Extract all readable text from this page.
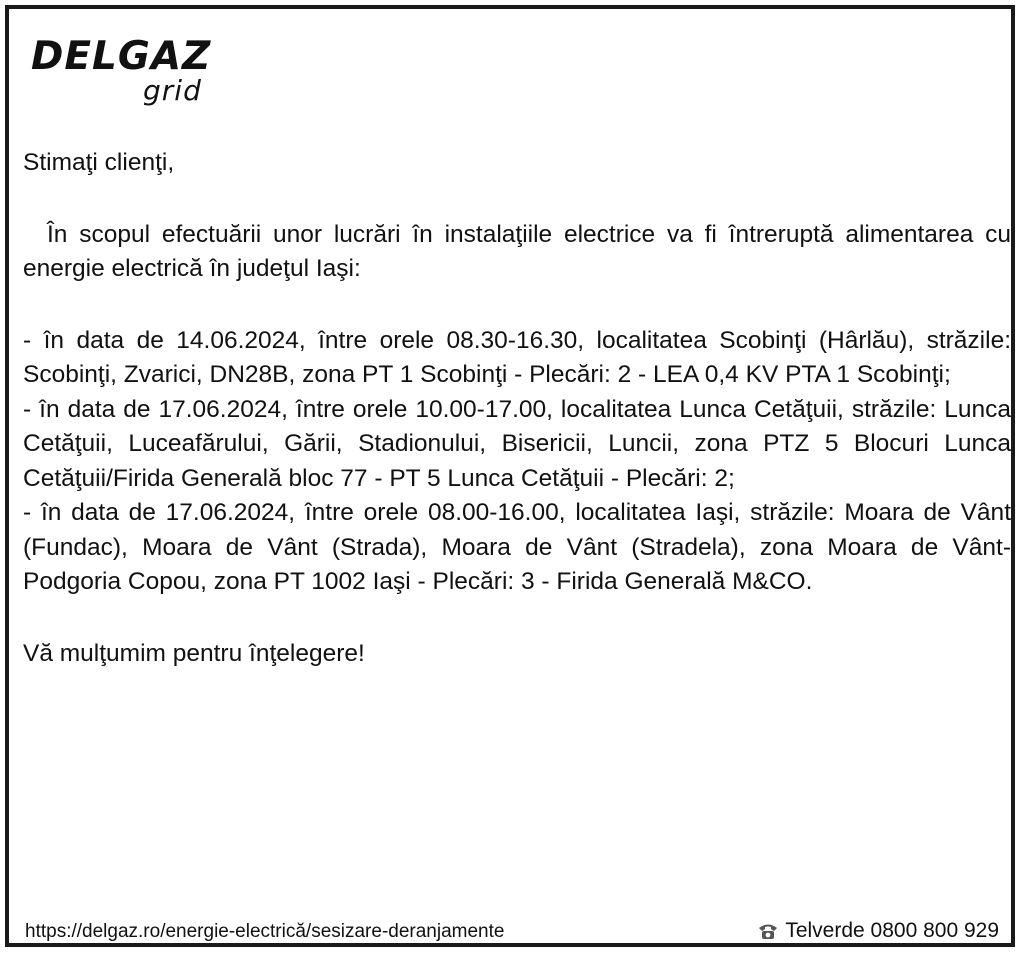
DELGAZ
grid

Stimaţi clienţi,

În scopul efectuării unor lucrări în instalaţiile electrice va fi întreruptă alimentarea cu energie electrică în judeţul Iaşi:

- în data de 14.06.2024, între orele 08.30-16.30, localitatea Scobinţi (Hârlău), străzile: Scobinţi, Zvarici, DN28B, zona PT 1 Scobinţi - Plecări: 2 - LEA 0,4 KV PTA 1 Scobinţi;

- în data de 17.06.2024, între orele 10.00-17.00, localitatea Lunca Cetăţuii, străzile: Lunca Cetăţuii, Luceafărului, Gării, Stadionului, Bisericii, Luncii, zona PTZ 5 Blocuri Lunca Cetăţuii/Firida Generală bloc 77 - PT 5 Lunca Cetăţuii - Plecări: 2;

- în data de 17.06.2024, între orele 08.00-16.00, localitatea Iaşi, străzile: Moara de Vânt (Fundac), Moara de Vânt (Strada), Moara de Vânt (Stradela), zona Moara de Vânt-Podgoria Copou, zona PT 1002 Iaşi - Plecări: 3 - Firida Generală M&CO.

Vă mulţumim pentru înţelegere!

https://delgaz.ro/energie-electrică/sesizare-deranjamente	Telverde 0800 800 929
